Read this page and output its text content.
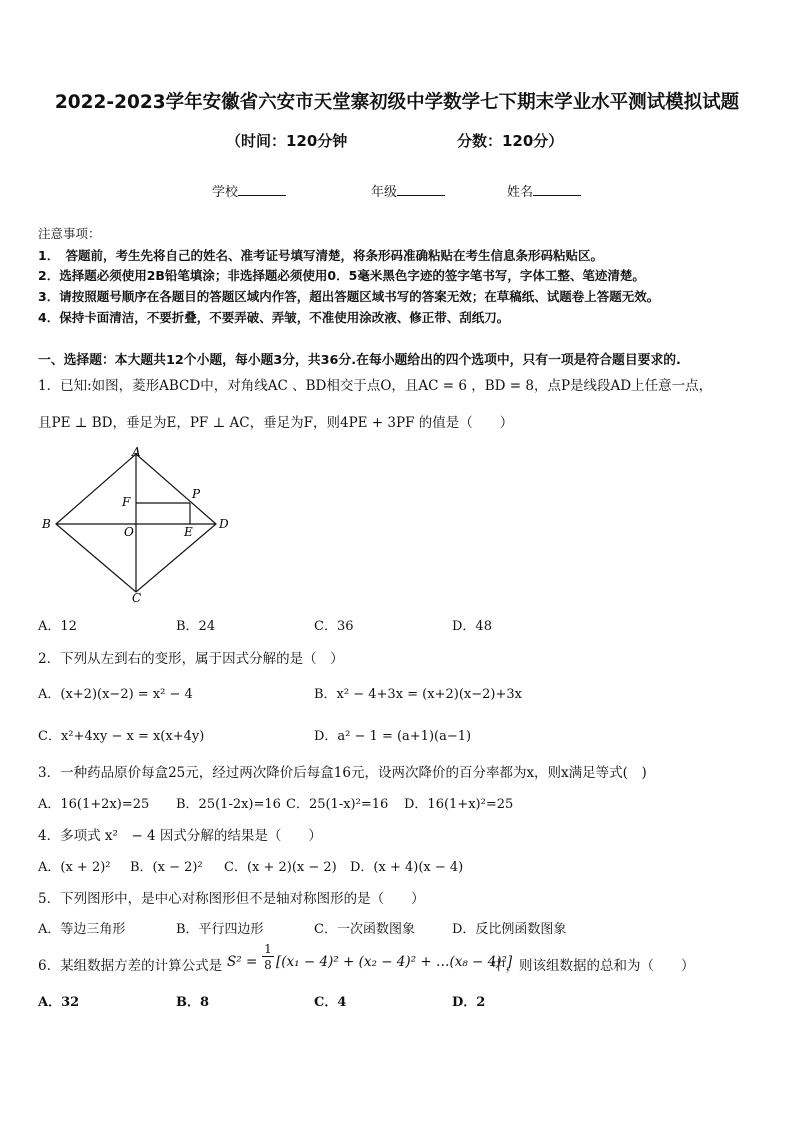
2022-2023学年安徽省六安市天堂寨初级中学数学七下期末学业水平测试模拟试题
（时间：120分钟	分数：120分）
学校	年级	姓名
注意事项：
1．　答题前，考生先将自己的姓名、准考证号填写清楚，将条形码准确粘贴在考生信息条形码粘贴区。
2．选择题必须使用2B铅笔填涂；非选择题必须使用0．5毫米黑色字迹的签字笔书写，字体工整、笔迹清楚。
3．请按照题号顺序在各题目的答题区域内作答，超出答题区域书写的答案无效；在草稿纸、试题卷上答题无效。
4．保持卡面清洁，不要折叠，不要弄破、弄皱，不准使用涂改液、修正带、刮纸刀。
一、选择题：本大题共12个小题，每小题3分，共36分.在每小题给出的四个选项中，只有一项是符合题目要求的.
1．已知:如图，菱形ABCD中，对角线AC 、BD相交于点O，且AC = 6 ，BD = 8，点P是线段AD上任意一点，
且PE ⊥ BD，垂足为E，PF ⊥ AC，垂足为F，则4PE + 3PF 的值是（　　）
A
B
C
D
O
P
E
F
A．12	B．24	C．36	D．48
2．下列从左到右的变形，属于因式分解的是（　）
A．(x+2)(x−2) = x² − 4	B．x² − 4+3x = (x+2)(x−2)+3x
C．x²+4xy − x = x(x+4y)	D．a² − 1 = (a+1)(a−1)
3．一种药品原价每盒25元，经过两次降价后每盒16元，设两次降价的百分率都为x，则x满足等式(　)
A．16(1+2x)=25 B．25(1-2x)=16 C．25(1-x)²=16 D．16(1+x)²=25
4．多项式 x²　− 4 因式分解的结果是（　　）
A．(x + 2)² B．(x − 2)² C．(x + 2)(x − 2) D．(x + 4)(x − 4)
5．下列图形中，是中心对称图形但不是轴对称图形的是（　　）
A．等边三角形	B．平行四边形	C．一次函数图象	D．反比例函数图象
6．某组数据方差的计算公式是 $S^2 = \frac{1}{8} [(x_1 - 4)^2 + (x_2 - 4)^2$ + …(x₈ − 4)²]
中，则该组数据的总和为（　　）
A．32	B．8	C．4	D．2
